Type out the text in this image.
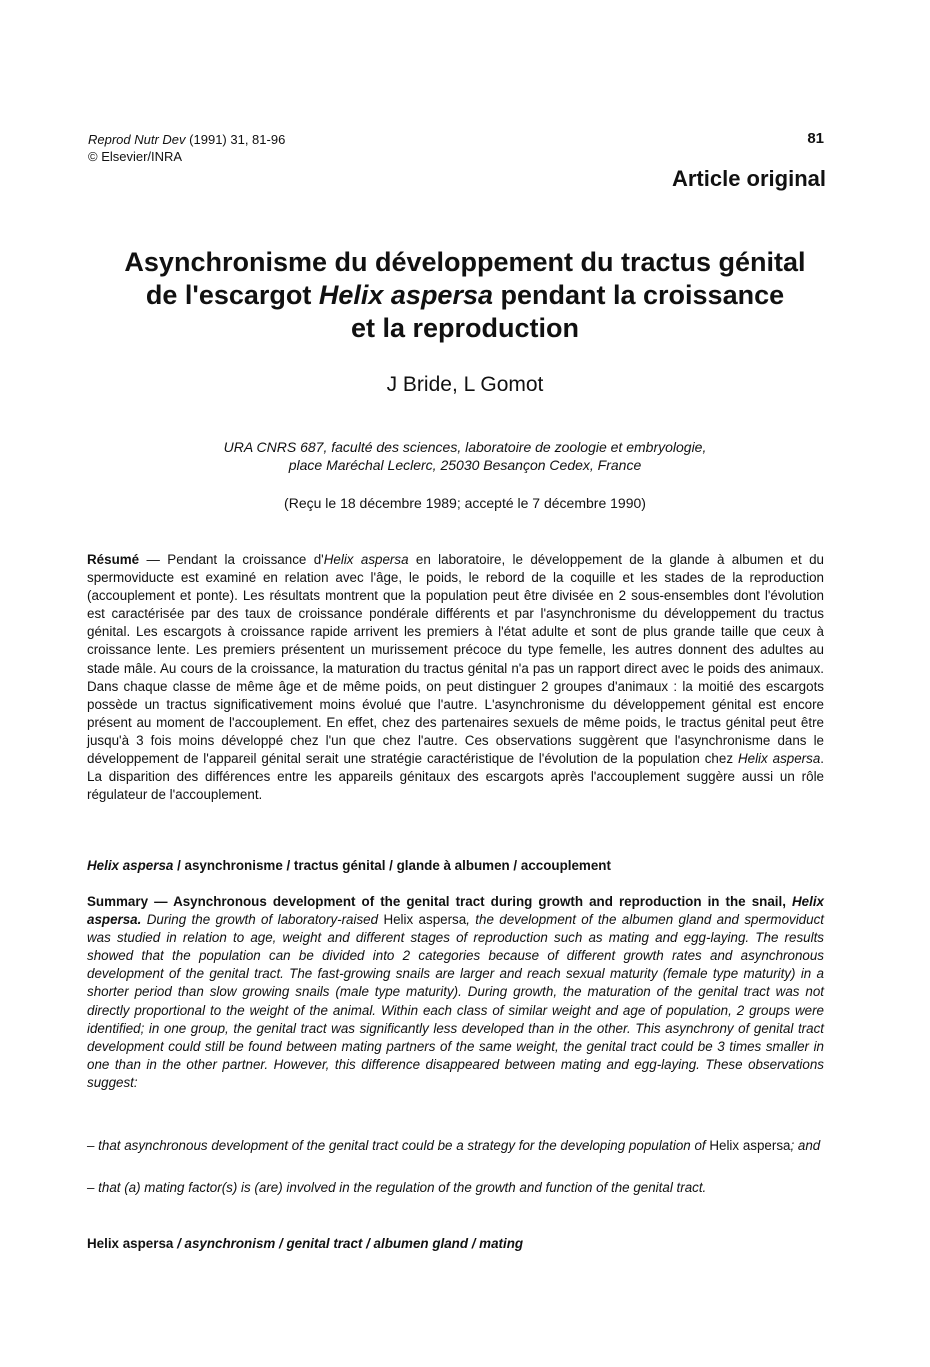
Reprod Nutr Dev (1991) 31, 81-96
© Elsevier/INRA
81
Article original
Asynchronisme du développement du tractus génital
de l'escargot Helix aspersa pendant la croissance
et la reproduction
J Bride, L Gomot
URA CNRS 687, faculté des sciences, laboratoire de zoologie et embryologie,
place Maréchal Leclerc, 25030 Besançon Cedex, France
(Reçu le 18 décembre 1989; accepté le 7 décembre 1990)
Résumé — Pendant la croissance d'Helix aspersa en laboratoire, le développement de la glande à albumen et du spermoviducte est examiné en relation avec l'âge, le poids, le rebord de la coquille et les stades de la reproduction (accouplement et ponte). Les résultats montrent que la population peut être divisée en 2 sous-ensembles dont l'évolution est caractérisée par des taux de croissance pondérale différents et par l'asynchronisme du développement du tractus génital. Les escargots à croissance rapide arrivent les premiers à l'état adulte et sont de plus grande taille que ceux à croissance lente. Les premiers présentent un murissement précoce du type femelle, les autres donnent des adultes au stade mâle. Au cours de la croissance, la maturation du tractus génital n'a pas un rapport direct avec le poids des animaux. Dans chaque classe de même âge et de même poids, on peut distinguer 2 groupes d'animaux : la moitié des escargots possède un tractus significativement moins évolué que l'autre. L'asynchronisme du développement génital est encore présent au moment de l'accouplement. En effet, chez des partenaires sexuels de même poids, le tractus génital peut être jusqu'à 3 fois moins développé chez l'un que chez l'autre. Ces observations suggèrent que l'asynchronisme dans le développement de l'appareil génital serait une stratégie caractéristique de l'évolution de la population chez Helix aspersa. La disparition des différences entre les appareils génitaux des escargots après l'accouplement suggère aussi un rôle régulateur de l'accouplement.
Helix aspersa / asynchronisme / tractus génital / glande à albumen / accouplement
Summary — Asynchronous development of the genital tract during growth and reproduction in the snail, Helix aspersa. During the growth of laboratory-raised Helix aspersa, the development of the albumen gland and spermoviduct was studied in relation to age, weight and different stages of reproduction such as mating and egg-laying. The results showed that the population can be divided into 2 categories because of different growth rates and asynchronous development of the genital tract. The fast-growing snails are larger and reach sexual maturity (female type maturity) in a shorter period than slow growing snails (male type maturity). During growth, the maturation of the genital tract was not directly proportional to the weight of the animal. Within each class of similar weight and age of population, 2 groups were identified; in one group, the genital tract was significantly less developed than in the other. This asynchrony of genital tract development could still be found between mating partners of the same weight, the genital tract could be 3 times smaller in one than in the other partner. However, this difference disappeared between mating and egg-laying. These observations suggest:
– that asynchronous development of the genital tract could be a strategy for the developing population of Helix aspersa; and
– that (a) mating factor(s) is (are) involved in the regulation of the growth and function of the genital tract.
Helix aspersa / asynchronism / genital tract / albumen gland / mating
